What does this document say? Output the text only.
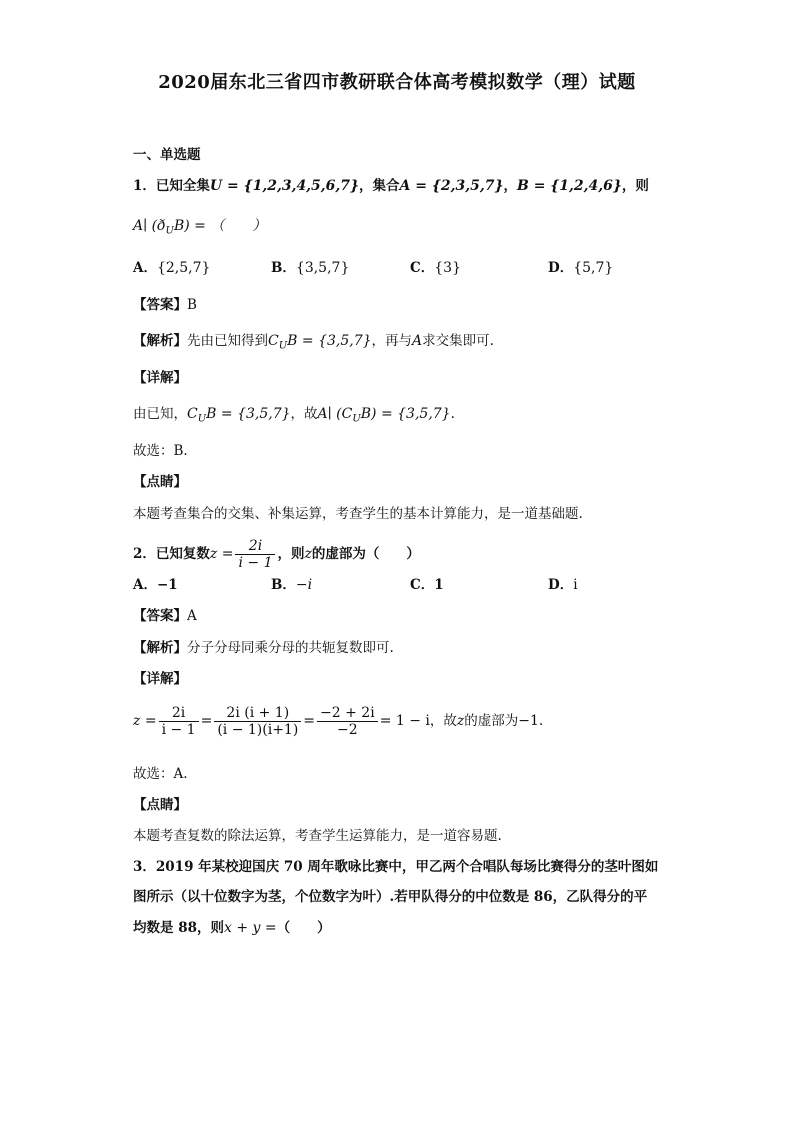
2020届东北三省四市教研联合体高考模拟数学（理）试题
一、单选题
1．已知全集U = {1,2,3,4,5,6,7}，集合A = {2,3,5,7}，B = {1,2,4,6}，则
A∣ $(ð_UB)$ = （　　）
A．{2,5,7}	B．{3,5,7}	C．{3}	D．{5,7}
【答案】B
【解析】先由已知得到$C_UB = \{3,5,7\}$，再与A求交集即可.
【详解】
由已知，$C_UB = \{3,5,7\}$，故A∣ $(C_UB) = \{3,5,7\}$.
故选：B.
【点睛】
本题考查集合的交集、补集运算，考查学生的基本计算能力，是一道基础题.
2．已知复数$z = \frac{2i}{i - 1}$ ，则z的虚部为（　　）
A．−1	B．−i	C．1	D．i
【答案】A
【解析】分子分母同乘分母的共轭复数即可.
【详解】
$z = \frac{2i}{i - 1} = \frac{2i (i + 1)}{(i - 1)(i+1)} = \frac{-2 + 2i}{-2} = 1 - i$，故z的虚部为−1.
故选：A.
【点睛】
本题考查复数的除法运算，考查学生运算能力，是一道容易题.
3．2019 年某校迎国庆 70 周年歌咏比赛中，甲乙两个合唱队每场比赛得分的茎叶图如
图所示（以十位数字为茎，个位数字为叶）.若甲队得分的中位数是 86，乙队得分的平
均数是 88，则x + y =（　　）
